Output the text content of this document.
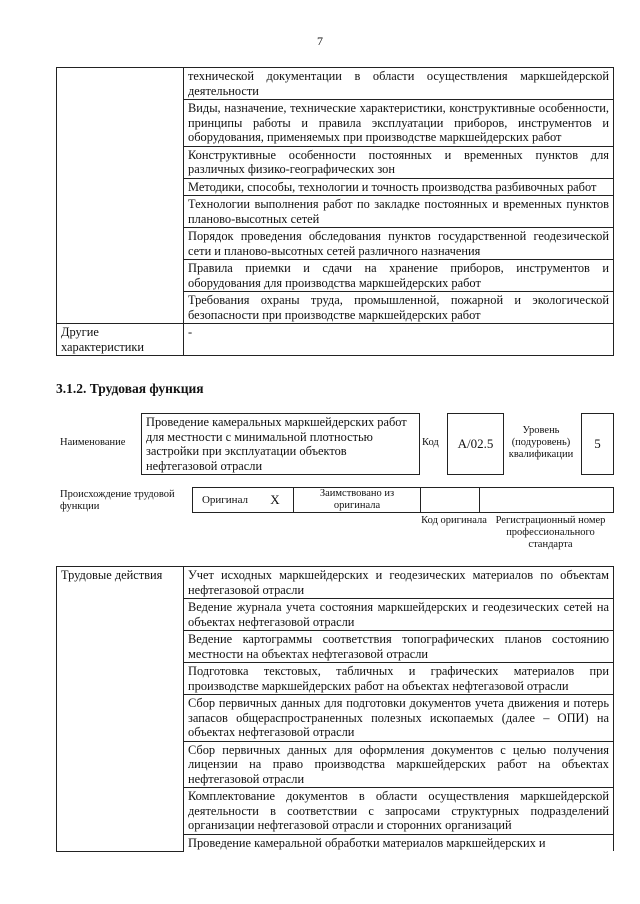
7
	технической документации в области осуществления маркшейдерской деятельности
	Виды, назначение, технические характеристики, конструктивные особенности, принципы работы и правила эксплуатации приборов, инструментов и оборудования, применяемых при производстве маркшейдерских работ
	Конструктивные особенности постоянных и временных пунктов для различных физико-географических зон
	Методики, способы, технологии и точность производства разбивочных работ
	Технологии выполнения работ по закладке постоянных и временных пунктов планово-высотных сетей
	Порядок проведения обследования пунктов государственной геодезической сети и планово-высотных сетей различного назначения
	Правила приемки и сдачи на хранение приборов, инструментов и оборудования для производства маркшейдерских работ
	Требования охраны труда, промышленной, пожарной и экологической безопасности при производстве маркшейдерских работ
Другие характеристики	-
3.1.2. Трудовая функция
Наименование
Проведение камеральных маркшейдерских работ для местности с минимальной плотностью застройки при эксплуатации объектов нефтегазовой отрасли
Код	А/02.5
Уровень (подуровень) квалификации
5
Происхождение трудовой функции
Оригинал	Х	Заимствовано из оригинала		
Код оригинала Регистрационный номер профессионального стандарта
Трудовые действия	Учет исходных маркшейдерских и геодезических материалов по объектам нефтегазовой отрасли
Ведение журнала учета состояния маркшейдерских и геодезических сетей на объектах нефтегазовой отрасли
Ведение картограммы соответствия топографических планов состоянию местности на объектах нефтегазовой отрасли
Подготовка текстовых, табличных и графических материалов при производстве маркшейдерских работ на объектах нефтегазовой отрасли
Сбор первичных данных для подготовки документов учета движения и потерь запасов общераспространенных полезных ископаемых (далее – ОПИ) на объектах нефтегазовой отрасли
Сбор первичных данных для оформления документов с целью получения лицензии на право производства маркшейдерских работ на объектах нефтегазовой отрасли
Комплектование документов в области осуществления маркшейдерской деятельности в соответствии с запросами структурных подразделений организации нефтегазовой отрасли и сторонних организаций
Проведение камеральной обработки материалов маркшейдерских и
